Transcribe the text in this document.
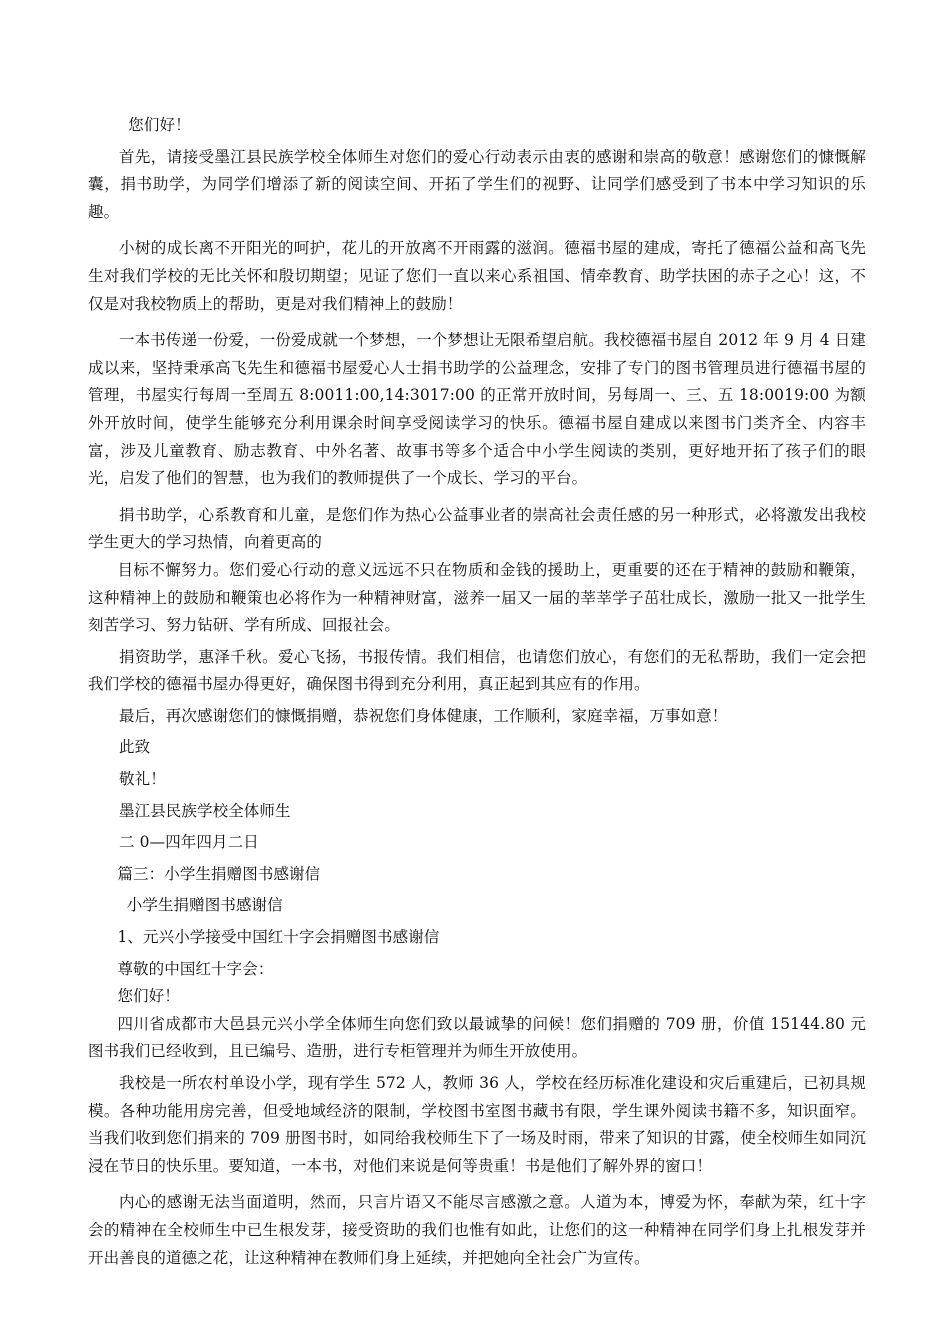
您们好！

首先，请接受墨江县民族学校全体师生对您们的爱心行动表示由衷的感谢和崇高的敬意！感谢您们的慷慨解囊，捐书助学，为同学们增添了新的阅读空间、开拓了学生们的视野、让同学们感受到了书本中学习知识的乐趣。

小树的成长离不开阳光的呵护，花儿的开放离不开雨露的滋润。德福书屋的建成，寄托了德福公益和高飞先生对我们学校的无比关怀和殷切期望；见证了您们一直以来心系祖国、情牵教育、助学扶困的赤子之心！这，不仅是对我校物质上的帮助，更是对我们精神上的鼓励！

一本书传递一份爱，一份爱成就一个梦想，一个梦想让无限希望启航。我校德福书屋自 2012 年 9 月 4 日建成以来，坚持秉承高飞先生和德福书屋爱心人士捐书助学的公益理念，安排了专门的图书管理员进行德福书屋的管理，书屋实行每周一至周五 8:0011:00,14:3017:00 的正常开放时间，另每周一、三、五 18:0019:00 为额外开放时间，使学生能够充分利用课余时间享受阅读学习的快乐。德福书屋自建成以来图书门类齐全、内容丰富，涉及儿童教育、励志教育、中外名著、故事书等多个适合中小学生阅读的类别，更好地开拓了孩子们的眼光，启发了他们的智慧，也为我们的教师提供了一个成长、学习的平台。

捐书助学，心系教育和儿童，是您们作为热心公益事业者的崇高社会责任感的另一种形式，必将激发出我校学生更大的学习热情，向着更高的

目标不懈努力。您们爱心行动的意义远远不只在物质和金钱的援助上，更重要的还在于精神的鼓励和鞭策，这种精神上的鼓励和鞭策也必将作为一种精神财富，滋养一届又一届的莘莘学子茁壮成长，激励一批又一批学生刻苦学习、努力钻研、学有所成、回报社会。

捐资助学，惠泽千秋。爱心飞扬，书报传情。我们相信，也请您们放心，有您们的无私帮助，我们一定会把我们学校的德福书屋办得更好，确保图书得到充分利用，真正起到其应有的作用。

最后，再次感谢您们的慷慨捐赠，恭祝您们身体健康，工作顺利，家庭幸福，万事如意！

此致

敬礼！

墨江县民族学校全体师生

二 0—四年四月二日

篇三：小学生捐赠图书感谢信

小学生捐赠图书感谢信

1、元兴小学接受中国红十字会捐赠图书感谢信

尊敬的中国红十字会：

您们好！

四川省成都市大邑县元兴小学全体师生向您们致以最诚挚的问候！您们捐赠的 709 册，价值 15144.80 元图书我们已经收到，且已编号、造册，进行专柜管理并为师生开放使用。

我校是一所农村单设小学，现有学生 572 人，教师 36 人，学校在经历标准化建设和灾后重建后，已初具规模。各种功能用房完善，但受地域经济的限制，学校图书室图书藏书有限，学生课外阅读书籍不多，知识面窄。当我们收到您们捐来的 709 册图书时，如同给我校师生下了一场及时雨，带来了知识的甘露，使全校师生如同沉浸在节日的快乐里。要知道，一本书，对他们来说是何等贵重！书是他们了解外界的窗口！

内心的感谢无法当面道明，然而，只言片语又不能尽言感激之意。人道为本，博爱为怀，奉献为荣，红十字会的精神在全校师生中已生根发芽，接受资助的我们也惟有如此，让您们的这一种精神在同学们身上扎根发芽并开出善良的道德之花，让这种精神在教师们身上延续，并把她向全社会广为宣传。
